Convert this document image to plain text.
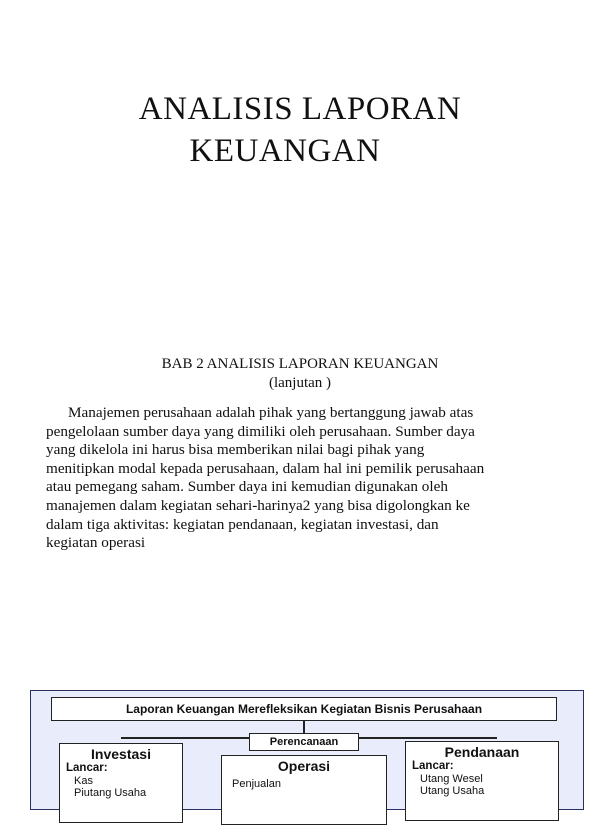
ANALISIS LAPORAN
KEUANGAN

BAB 2 ANALISIS LAPORAN KEUANGAN

(lanjutan )

Manajemen perusahaan adalah pihak yang bertanggung jawab atas
pengelolaan sumber daya yang dimiliki oleh perusahaan. Sumber daya
yang dikelola ini harus bisa memberikan nilai bagi pihak yang
menitipkan modal kepada perusahaan, dalam hal ini pemilik perusahaan
atau pemegang saham. Sumber daya ini kemudian digunakan oleh
manajemen dalam kegiatan sehari-harinya2 yang bisa digolongkan ke
dalam tiga aktivitas: kegiatan pendanaan, kegiatan investasi, dan
kegiatan operasi

Laporan Keuangan Merefleksikan Kegiatan Bisnis Perusahaan
Perencanaan
Investasi
Lancar:
Kas
Piutang Usaha
Operasi
Penjualan
Pendanaan
Lancar:
Utang Wesel
Utang Usaha
